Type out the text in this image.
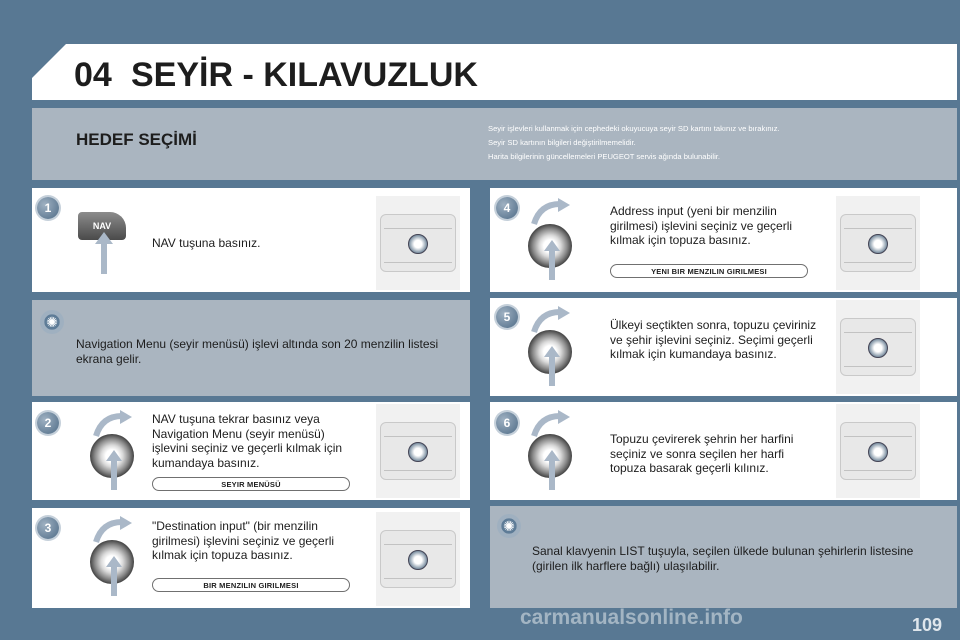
04 SEYİR - KILAVUZLUK
HEDEF SEÇİMİ
Seyir işlevleri kullanmak için cephedeki okuyucuya seyir SD kartını takınız ve bırakınız.
Seyir SD kartının bilgileri değiştirilmemelidir.
Harita bilgilerinin güncellemeleri PEUGEOT servis ağında bulunabilir.
1
NAV
NAV tuşuna basınız.
✺
Navigation Menu (seyir menüsü) işlevi altında son 20 menzilin listesi ekrana gelir.
2	NAV tuşuna tekrar basınız veya Navigation Menu (seyir menüsü) işlevini seçiniz ve geçerli kılmak için kumandaya basınız.
SEYIR MENÜSÜ
3	"Destination input" (bir menzilin girilmesi) işlevini seçiniz ve geçerli kılmak için topuza basınız.
BIR MENZILIN GIRILMESI
4	Address input (yeni bir menzilin girilmesi) işlevini seçiniz ve geçerli kılmak için topuza basınız.
YENI BIR MENZILIN GIRILMESI
5
Ülkeyi seçtikten sonra, topuzu çeviriniz ve şehir işlevini seçiniz. Seçimi geçerli kılmak için kumandaya basınız.
6
Topuzu çevirerek şehrin her harfini seçiniz ve sonra seçilen her harfi topuza basarak geçerli kılınız.
✺
Sanal klavyenin LIST tuşuyla, seçilen ülkede bulunan şehirlerin listesine (girilen ilk harflere bağlı) ulaşılabilir.
109
carmanualsonline.info
